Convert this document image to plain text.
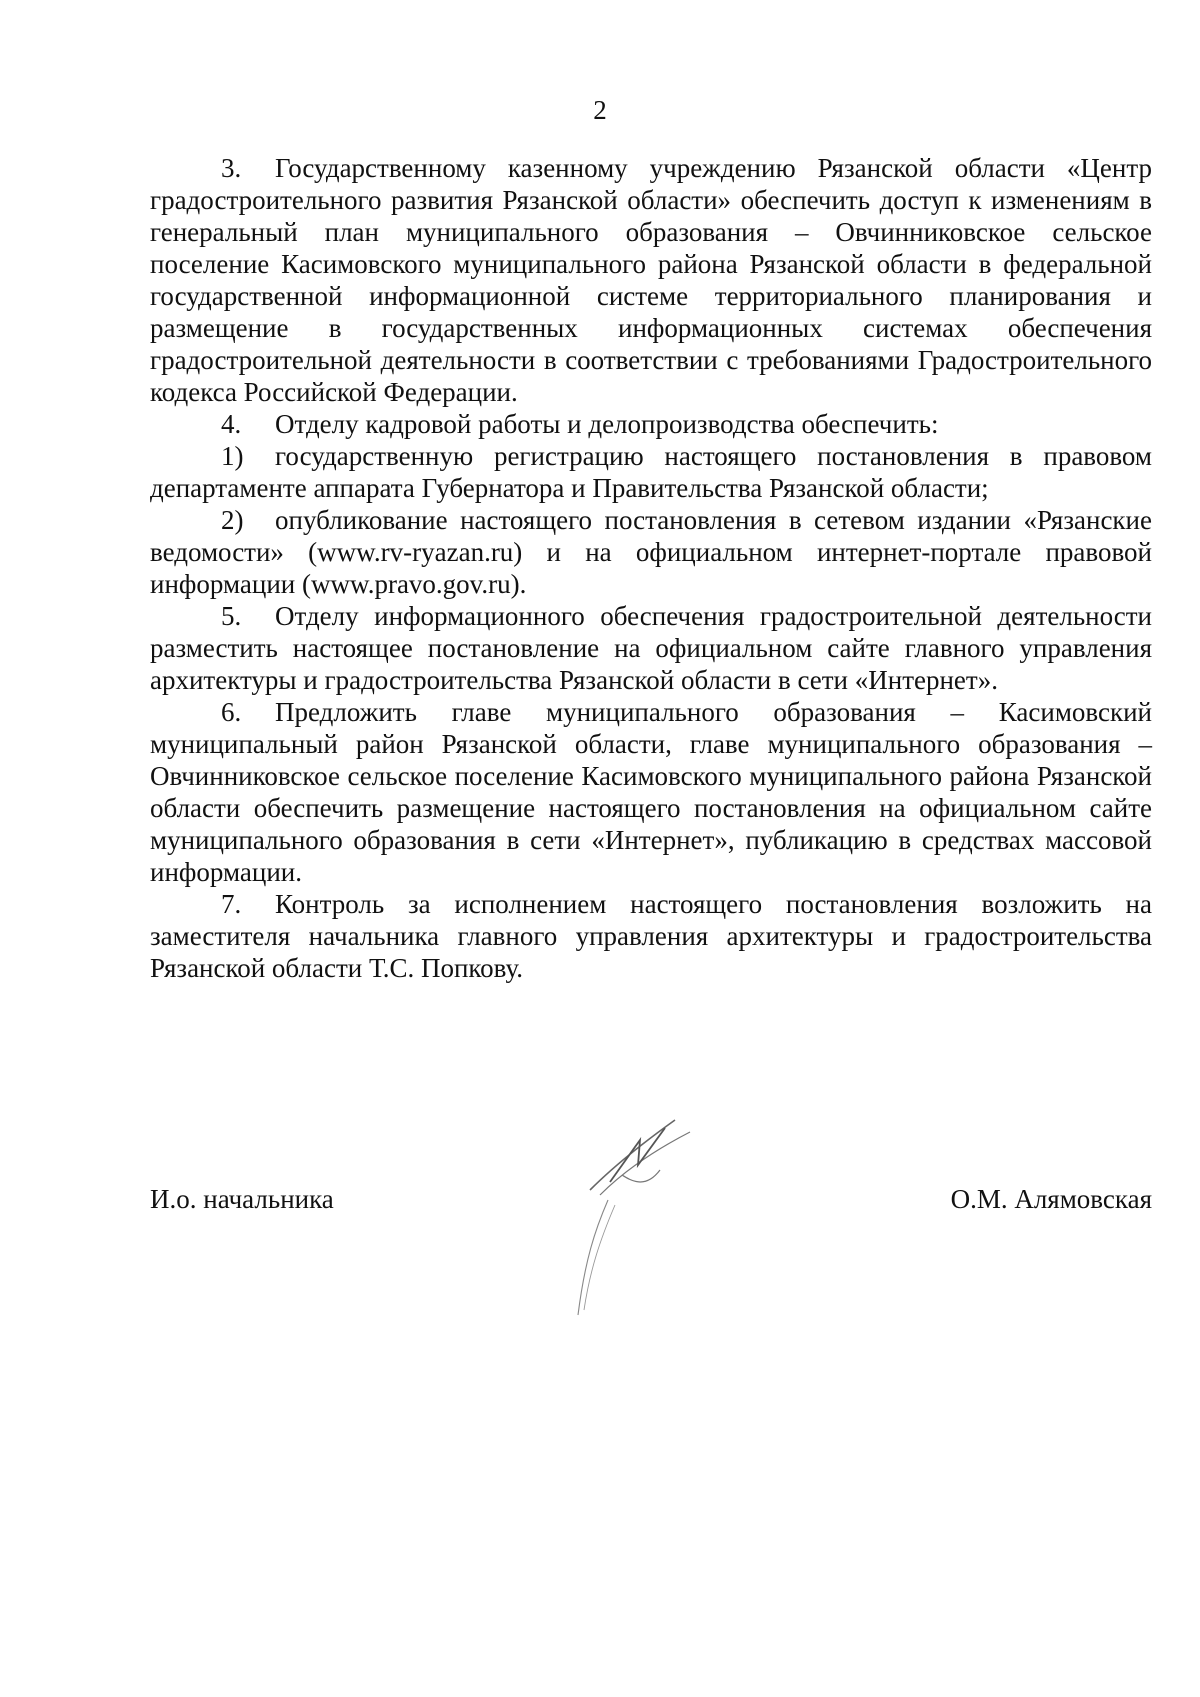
2

3. Государственному казенному учреждению Рязанской области «Центр градостроительного развития Рязанской области» обеспечить доступ к изменениям в генеральный план муниципального образования – Овчинниковское сельское поселение Касимовского муниципального района Рязанской области в федеральной государственной информационной системе территориального планирования и размещение в государственных информационных системах обеспечения градостроительной деятельности в соответствии с требованиями Градостроительного кодекса Российской Федерации.

4. Отделу кадровой работы и делопроизводства обеспечить:

1) государственную регистрацию настоящего постановления в правовом департаменте аппарата Губернатора и Правительства Рязанской области;

2) опубликование настоящего постановления в сетевом издании «Рязанские ведомости» (www.rv-ryazan.ru) и на официальном интернет-портале правовой информации (www.pravo.gov.ru).

5. Отделу информационного обеспечения градостроительной деятельности разместить настоящее постановление на официальном сайте главного управления архитектуры и градостроительства Рязанской области в сети «Интернет».

6. Предложить главе муниципального образования – Касимовский муниципальный район Рязанской области, главе муниципального образования – Овчинниковское сельское поселение Касимовского муниципального района Рязанской области обеспечить размещение настоящего постановления на официальном сайте муниципального образования в сети «Интернет», публикацию в средствах массовой информации.

7. Контроль за исполнением настоящего постановления возложить на заместителя начальника главного управления архитектуры и градостроительства Рязанской области Т.С. Попкову.

И.о. начальника	О.М. Алямовская
